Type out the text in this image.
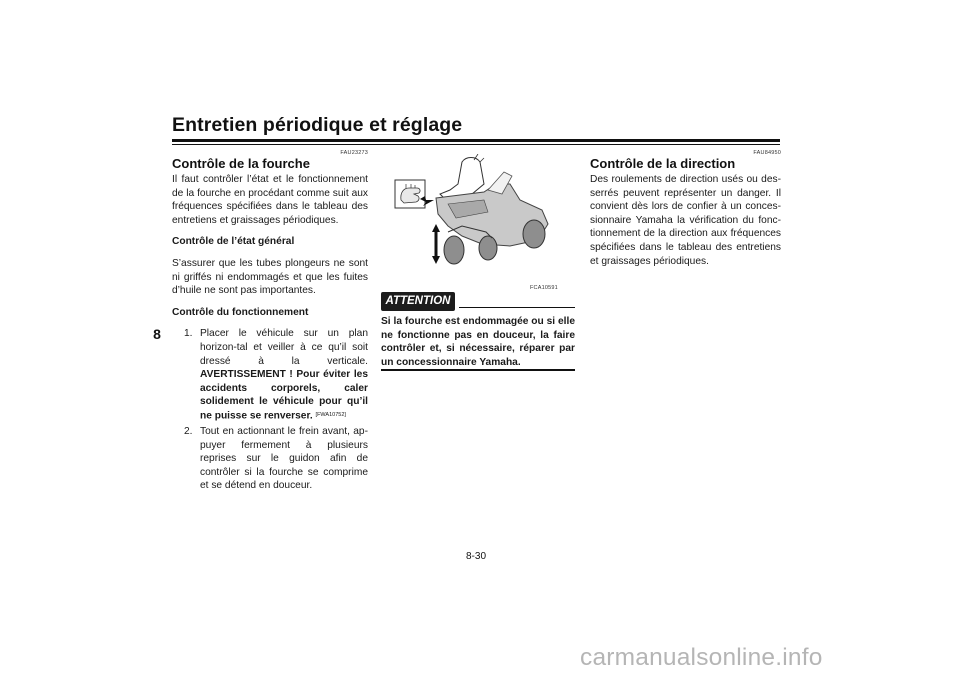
Entretien périodique et réglage
8
FAU23273
Contrôle de la fourche

Il faut contrôler l’état et le fonctionnement de la fourche en procédant comme suit aux fréquences spécifiées dans le tableau des entretiens et graissages périodiques.

Contrôle de l’état général

S’assurer que les tubes plongeurs ne sont ni griffés ni endommagés et que les fuites d’huile ne sont pas importantes.

Contrôle du fonctionnement

1. Placer le véhicule sur un plan horizon-tal et veiller à ce qu’il soit dressé à la verticale. AVERTISSEMENT ! Pour éviter les accidents corporels, caler solidement le véhicule pour qu’il ne puisse se renverser. [FWA10752]
2. Tout en actionnant le frein avant, ap-puyer fermement à plusieurs reprises sur le guidon afin de contrôler si la fourche se comprime et se détend en douceur.
FCA10591
ATTENTION
Si la fourche est endommagée ou si elle ne fonctionne pas en douceur, la faire contrôler et, si nécessaire, réparer par un concessionnaire Yamaha.
FAU84950
Contrôle de la direction

Des roulements de direction usés ou des-serrés peuvent représenter un danger. Il convient dès lors de confier à un conces-sionnaire Yamaha la vérification du fonc-tionnement de la direction aux fréquences spécifiées dans le tableau des entretiens et graissages périodiques.

8-30
carmanualsonline.info
